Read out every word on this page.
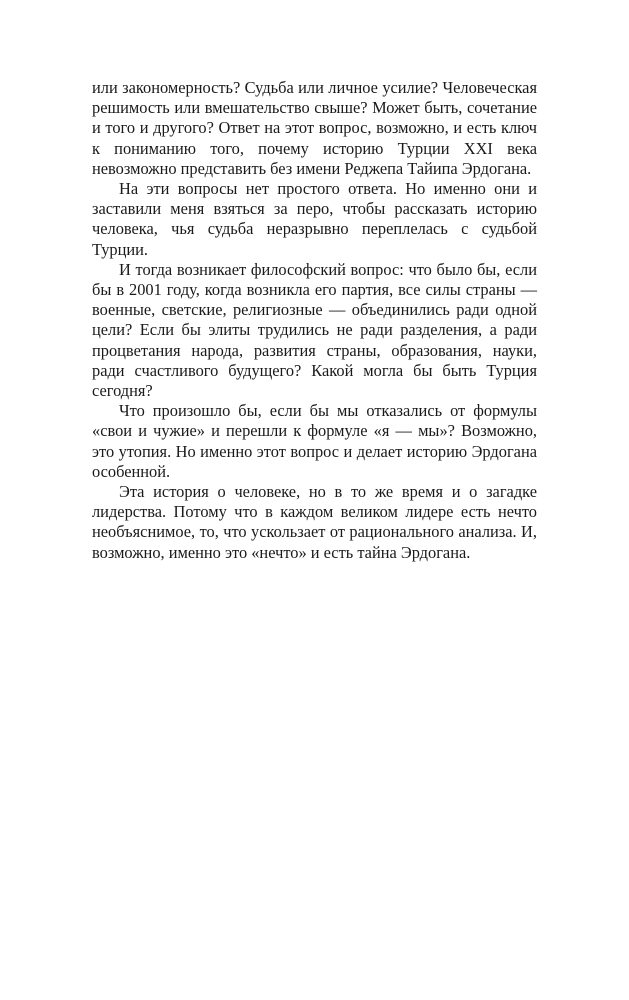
или закономерность? Судьба или личное усилие? Человеческая решимость или вмешательство свыше? Может быть, сочетание и того и другого? Ответ на этот вопрос, возможно, и есть ключ к пониманию того, почему историю Турции XXI века невозможно представить без имени Реджепа Тайипа Эрдогана.

На эти вопросы нет простого ответа. Но именно они и заставили меня взяться за перо, чтобы рассказать историю человека, чья судьба неразрывно переплелась с судьбой Турции.

И тогда возникает философский вопрос: что было бы, если бы в 2001 году, когда возникла его партия, все силы страны — военные, светские, религиозные — объединились ради одной цели? Если бы элиты трудились не ради разделения, а ради процветания народа, развития страны, образования, науки, ради счастливого будущего? Какой могла бы быть Турция сегодня?

Что произошло бы, если бы мы отказались от формулы «свои и чужие» и перешли к формуле «я — мы»? Возможно, это утопия. Но именно этот вопрос и делает историю Эрдогана особенной.

Эта история о человеке, но в то же время и о загадке лидерства. Потому что в каждом великом лидере есть нечто необъяснимое, то, что ускользает от рационального анализа. И, возможно, именно это «нечто» и есть тайна Эрдогана.
